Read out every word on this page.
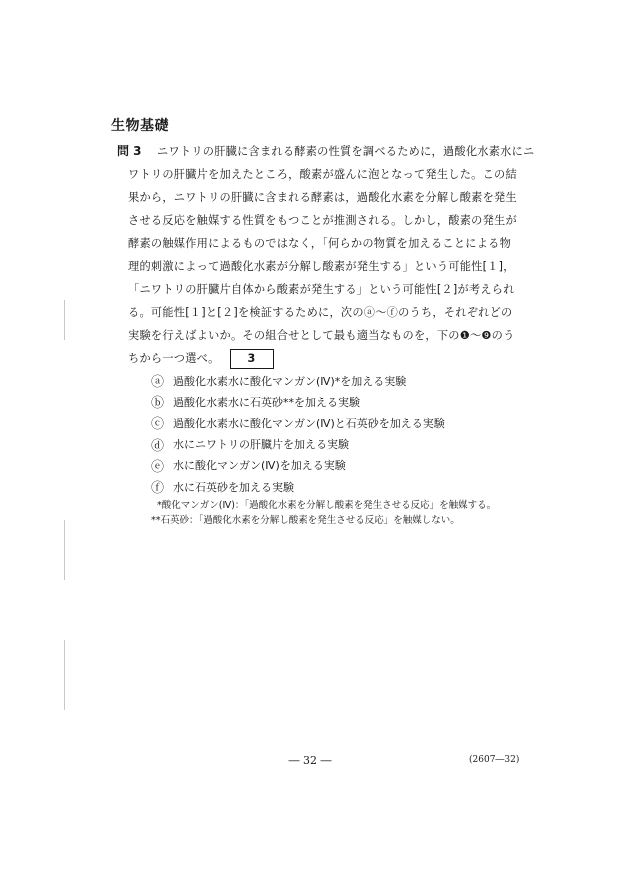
生物基礎
問 3	ニワトリの肝臓に含まれる酵素の性質を調べるために，過酸化水素水にニ
ワトリの肝臓片を加えたところ，酸素が盛んに泡となって発生した。この結
果から，ニワトリの肝臓に含まれる酵素は，過酸化水素を分解し酸素を発生
させる反応を触媒する性質をもつことが推測される。しかし，酸素の発生が
酵素の触媒作用によるものではなく，「何らかの物質を加えることによる物
理的刺激によって過酸化水素が分解し酸素が発生する」という可能性[１]，
「ニワトリの肝臓片自体から酸素が発生する」という可能性[２]が考えられ
る。可能性[１]と[２]を検証するために，次のⓐ～ⓕのうち，それぞれどの
実験を行えばよいか。その組合せとして最も適当なものを，下の❶～❾のう
ちから一つ選べ。 3
ⓐ 過酸化水素水に酸化マンガン(Ⅳ)*を加える実験
ⓑ 過酸化水素水に石英砂**を加える実験
ⓒ 過酸化水素水に酸化マンガン(Ⅳ)と石英砂を加える実験
ⓓ 水にニワトリの肝臓片を加える実験
ⓔ 水に酸化マンガン(Ⅳ)を加える実験
ⓕ 水に石英砂を加える実験
*酸化マンガン(Ⅳ)：「過酸化水素を分解し酸素を発生させる反応」を触媒する。
**石英砂：「過酸化水素を分解し酸素を発生させる反応」を触媒しない。
― 32 ―	(2607―32)
